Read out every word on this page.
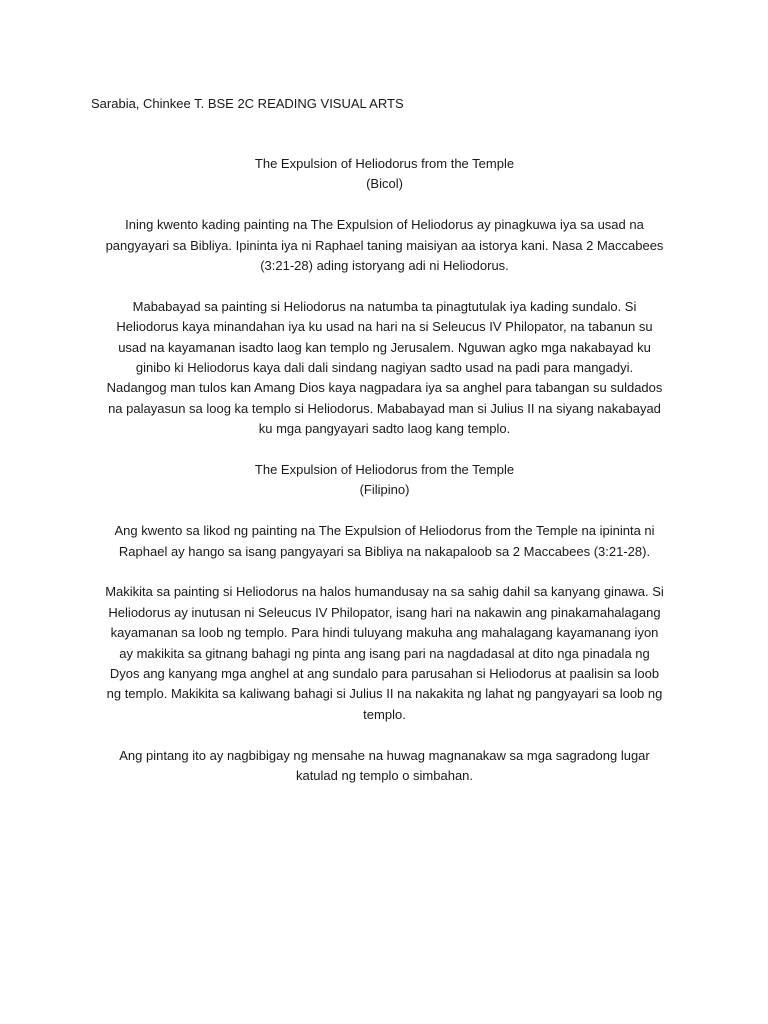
Sarabia, Chinkee T. BSE 2C READING VISUAL ARTS
The Expulsion of Heliodorus from the Temple
(Bicol)
Ining kwento kading painting na The Expulsion of Heliodorus ay pinagkuwa iya sa usad na
pangyayari sa Bibliya. Ipininta iya ni Raphael taning maisiyan aa istorya kani. Nasa 2 Maccabees
(3:21-28) ading istoryang adi ni Heliodorus.
Mababayad sa painting si Heliodorus na natumba ta pinagtutulak iya kading sundalo. Si
Heliodorus kaya minandahan iya ku usad na hari na si Seleucus IV Philopator, na tabanun su
usad na kayamanan isadto laog kan templo ng Jerusalem. Nguwan agko mga nakabayad ku
ginibo ki Heliodorus kaya dali dali sindang nagiyan sadto usad na padi para mangadyi.
Nadangog man tulos kan Amang Dios kaya nagpadara iya sa anghel para tabangan su suldados
na palayasun sa loog ka templo si Heliodorus. Mababayad man si Julius II na siyang nakabayad
ku mga pangyayari sadto laog kang templo.
The Expulsion of Heliodorus from the Temple
(Filipino)
Ang kwento sa likod ng painting na The Expulsion of Heliodorus from the Temple na ipininta ni
Raphael ay hango sa isang pangyayari sa Bibliya na nakapaloob sa 2 Maccabees (3:21-28).
Makikita sa painting si Heliodorus na halos humandusay na sa sahig dahil sa kanyang ginawa. Si
Heliodorus ay inutusan ni Seleucus IV Philopator, isang hari na nakawin ang pinakamahalagang
kayamanan sa loob ng templo. Para hindi tuluyang makuha ang mahalagang kayamanang iyon
ay makikita sa gitnang bahagi ng pinta ang isang pari na nagdadasal at dito nga pinadala ng
Dyos ang kanyang mga anghel at ang sundalo para parusahan si Heliodorus at paalisin sa loob
ng templo. Makikita sa kaliwang bahagi si Julius II na nakakita ng lahat ng pangyayari sa loob ng
templo.
Ang pintang ito ay nagbibigay ng mensahe na huwag magnanakaw sa mga sagradong lugar
katulad ng templo o simbahan.
